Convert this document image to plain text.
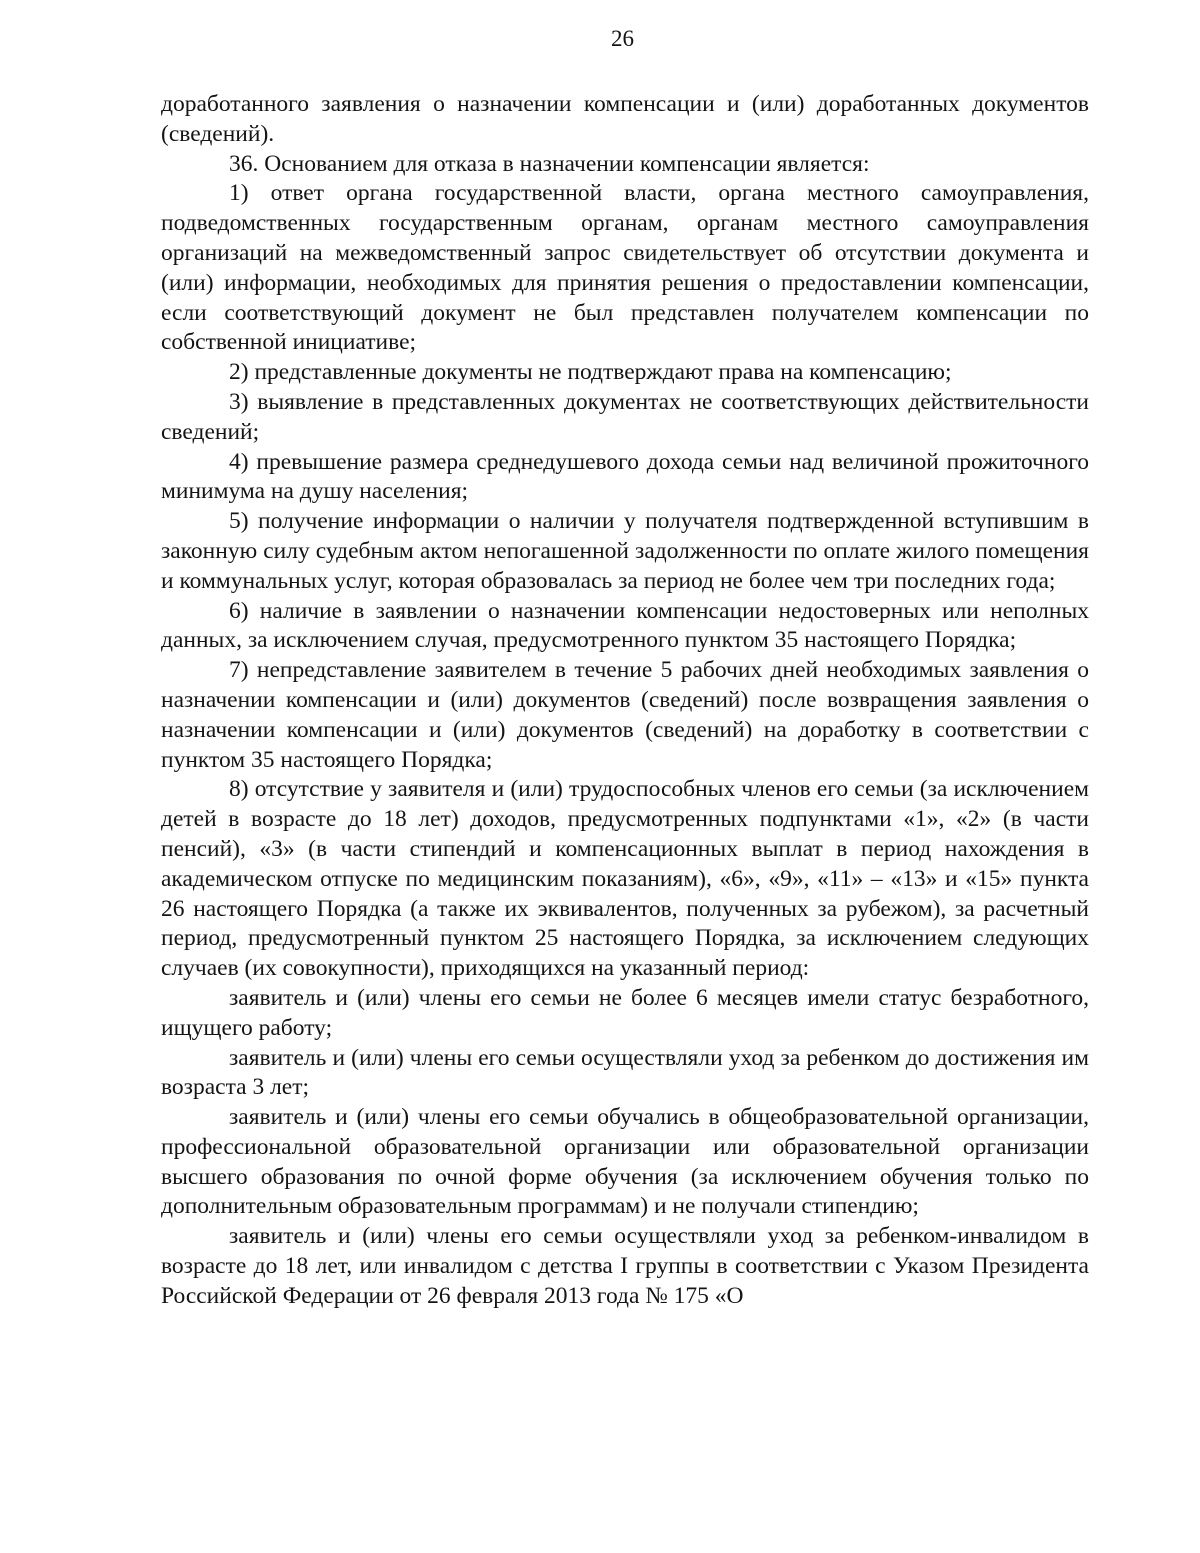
26

доработанного заявления о назначении компенсации и (или) доработанных документов (сведений).

36. Основанием для отказа в назначении компенсации является:

1) ответ органа государственной власти, органа местного самоуправления, подведомственных государственным органам, органам местного самоуправления организаций на межведомственный запрос свидетельствует об отсутствии документа и (или) информации, необходимых для принятия решения о предоставлении компенсации, если соответствующий документ не был представлен получателем компенсации по собственной инициативе;

2) представленные документы не подтверждают права на компенсацию;

3) выявление в представленных документах не соответствующих действительности сведений;

4) превышение размера среднедушевого дохода семьи над величиной прожиточного минимума на душу населения;

5) получение информации о наличии у получателя подтвержденной вступившим в законную силу судебным актом непогашенной задолженности по оплате жилого помещения и коммунальных услуг, которая образовалась за период не более чем три последних года;

6) наличие в заявлении о назначении компенсации недостоверных или неполных данных, за исключением случая, предусмотренного пунктом 35 настоящего Порядка;

7) непредставление заявителем в течение 5 рабочих дней необходимых заявления о назначении компенсации и (или) документов (сведений) после возвращения заявления о назначении компенсации и (или) документов (сведений) на доработку в соответствии с пунктом 35 настоящего Порядка;

8) отсутствие у заявителя и (или) трудоспособных членов его семьи (за исключением детей в возрасте до 18 лет) доходов, предусмотренных подпунктами «1», «2» (в части пенсий), «3» (в части стипендий и компенсационных выплат в период нахождения в академическом отпуске по медицинским показаниям), «6», «9», «11» – «13» и «15» пункта 26 настоящего Порядка (а также их эквивалентов, полученных за рубежом), за расчетный период, предусмотренный пунктом 25 настоящего Порядка, за исключением следующих случаев (их совокупности), приходящихся на указанный период:

заявитель и (или) члены его семьи не более 6 месяцев имели статус безработного, ищущего работу;

заявитель и (или) члены его семьи осуществляли уход за ребенком до достижения им возраста 3 лет;

заявитель и (или) члены его семьи обучались в общеобразовательной организации, профессиональной образовательной организации или образовательной организации высшего образования по очной форме обучения (за исключением обучения только по дополнительным образовательным программам) и не получали стипендию;

заявитель и (или) члены его семьи осуществляли уход за ребенком-инвалидом в возрасте до 18 лет, или инвалидом с детства I группы в соответствии с Указом Президента Российской Федерации от 26 февраля 2013 года № 175 «О
